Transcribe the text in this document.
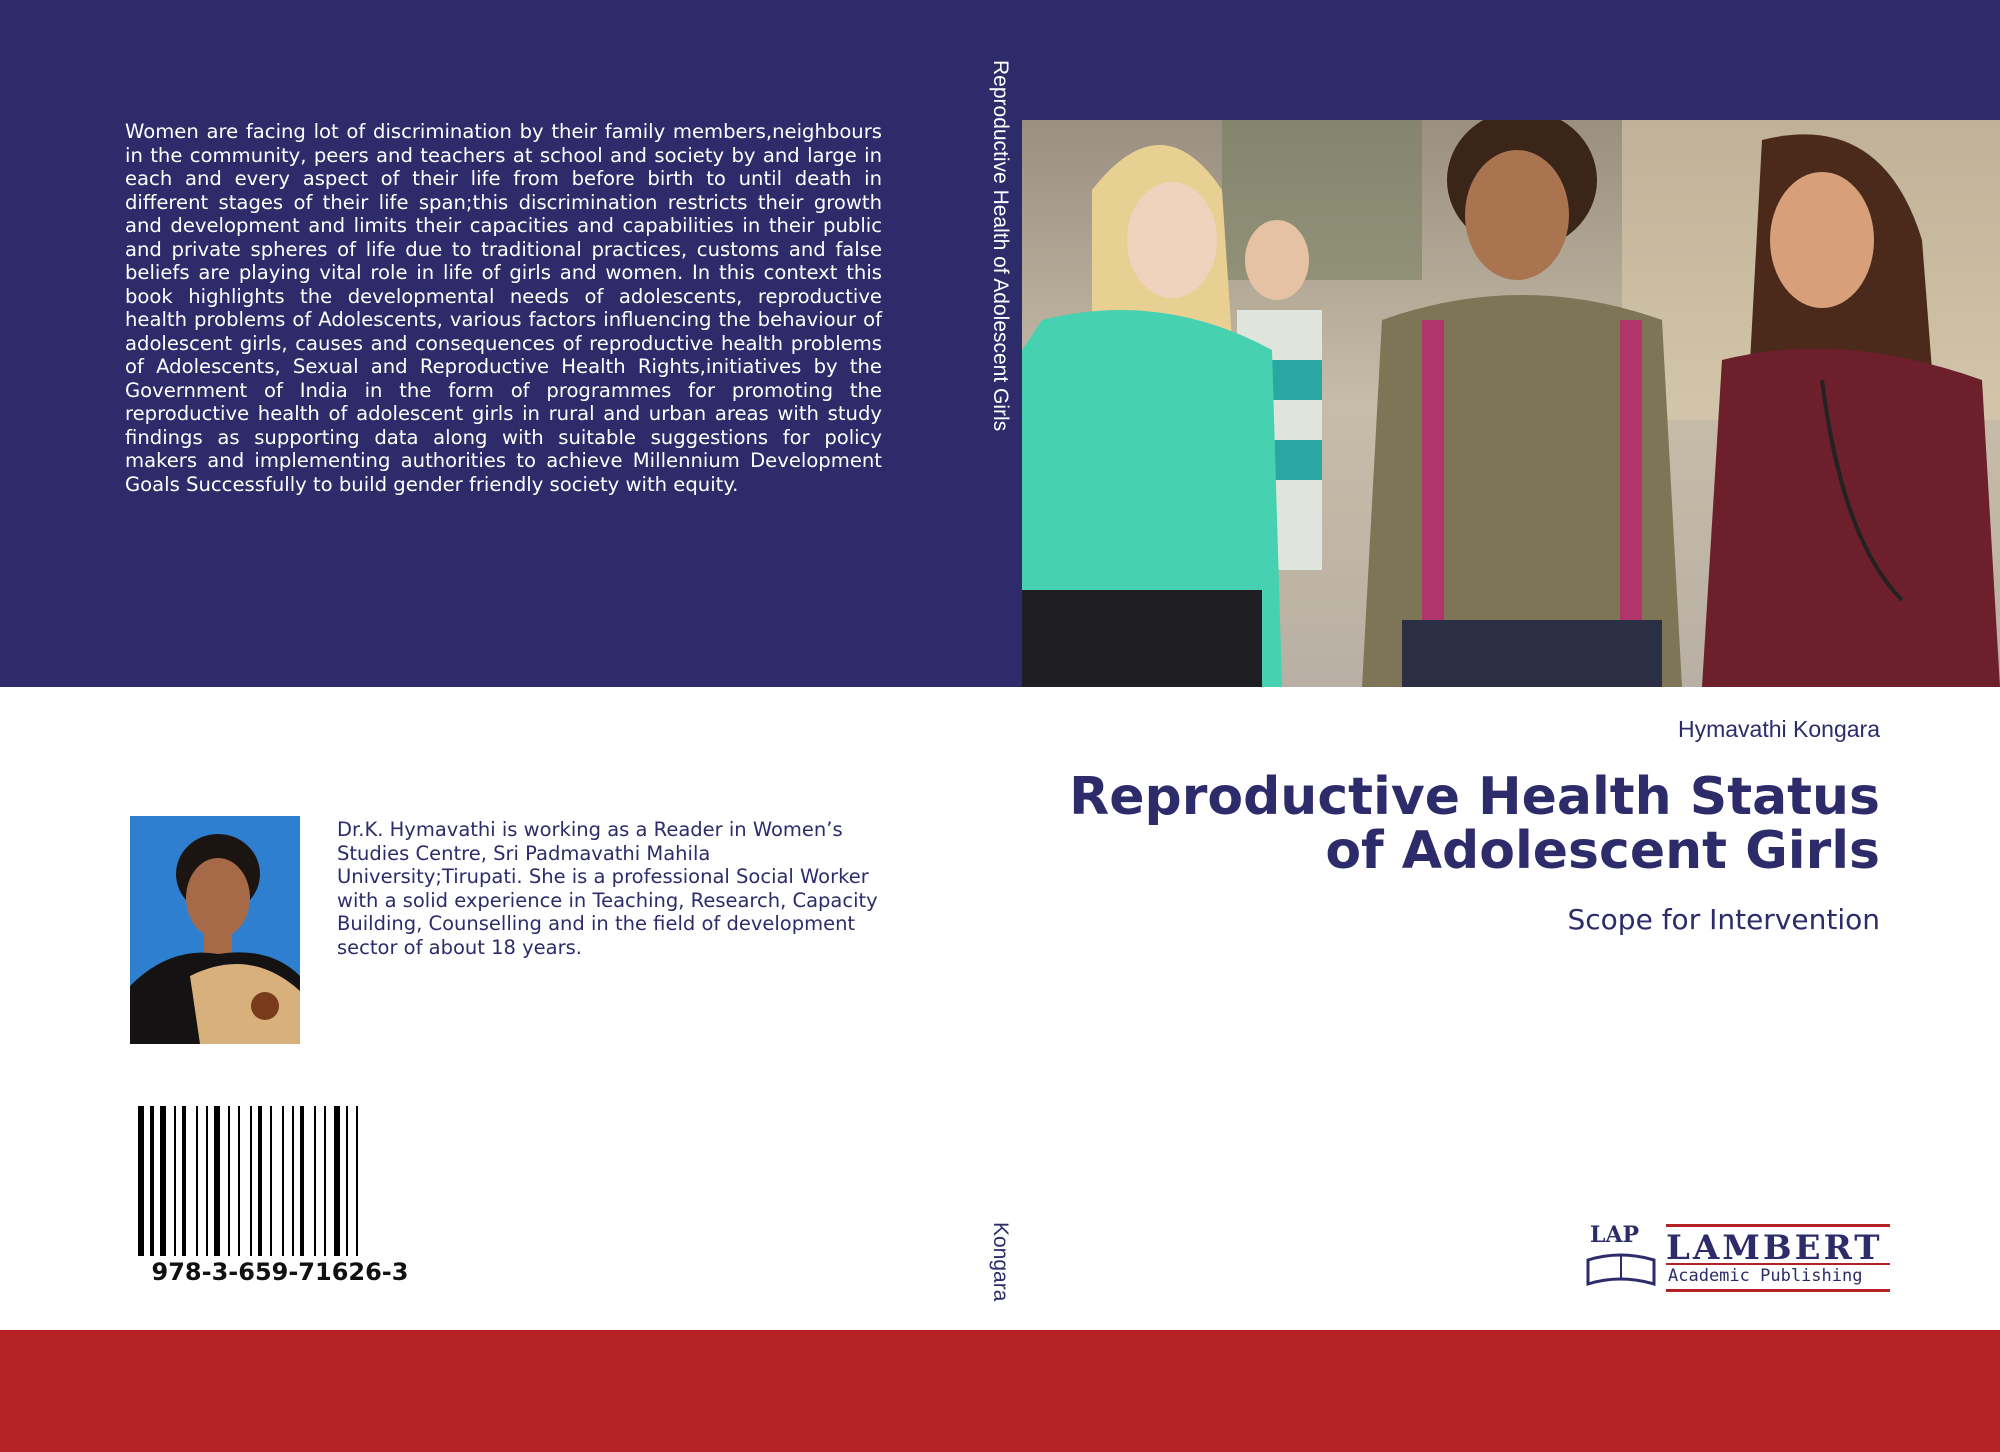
Women are facing lot of discrimination by their family members,neighbours in the community, peers and teachers at school and society by and large in each and every aspect of their life from before birth to until death in different stages of their life span;this discrimination restricts their growth and development and limits their capacities and capabilities in their public and private spheres of life due to traditional practices, customs and false beliefs are playing vital role in life of girls and women. In this context this book highlights the developmental needs of adolescents, reproductive health problems of Adolescents, various factors influencing the behaviour of adolescent girls, causes and consequences of reproductive health problems of Adolescents, Sexual and Reproductive Health Rights,initiatives by the Government of India in the form of programmes for promoting the reproductive health of adolescent girls in rural and urban areas with study findings as supporting data along with suitable suggestions for policy makers and implementing authorities to achieve Millennium Development Goals Successfully to build gender friendly society with equity.
Reproductive Health of Adolescent Girls
Kongara
Hymavathi Kongara
Reproductive Health Status
of Adolescent Girls
Scope for Intervention
Dr.K. Hymavathi is working as a Reader in Women’s Studies Centre, Sri Padmavathi Mahila University;Tirupati. She is a professional Social Worker with a solid experience in Teaching, Research, Capacity Building, Counselling and in the field of development sector of about 18 years.
978-3-659-71626-3
LAP LAMBERT
Academic Publishing
